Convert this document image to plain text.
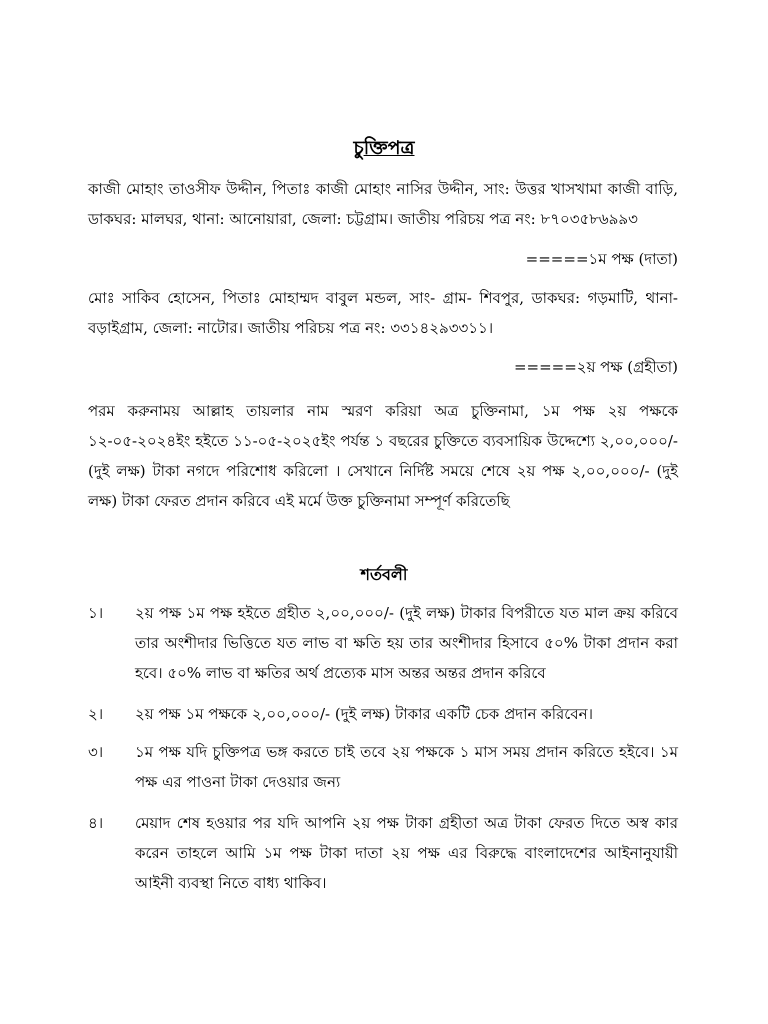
চুক্তিপত্র

কাজী মোহাং তাওসীফ উদ্দীন, পিতাঃ কাজী মোহাং নাসির উদ্দীন, সাং: উত্তর খাসখামা কাজী বাড়ি, ডাকঘর: মালঘর, থানা: আনোয়ারা, জেলা: চট্টগ্রাম। জাতীয় পরিচয় পত্র নং: ৮৭০৩৫৮৬৯৯৩

=====১ম পক্ষ (দাতা)

মোঃ সাকিব হোসেন, পিতাঃ মোহাম্মদ বাবুল মন্ডল, সাং- গ্রাম- শিবপুর, ডাকঘর: গড়মাটি, থানা- বড়াইগ্রাম, জেলা: নাটোর। জাতীয় পরিচয় পত্র নং: ৩৩১৪২৯৩৩১১।

=====২য় পক্ষ (গ্রহীতা)

পরম করুনাময় আল্লাহ তায়লার নাম স্মরণ করিয়া অত্র চুক্তিনামা, ১ম পক্ষ ২য় পক্ষকে ১২-০৫-২০২৪ইং হইতে ১১-০৫-২০২৫ইং পর্যন্ত ১ বছরের চুক্তিতে ব্যবসায়িক উদ্দেশ্যে ২,০০,০০০/- (দুই লক্ষ) টাকা নগদে পরিশোধ করিলো । সেখানে নির্দিষ্ট সময়ে শেষে ২য় পক্ষ ২,০০,০০০/- (দুই লক্ষ) টাকা ফেরত প্রদান করিবে এই মর্মে উক্ত চুক্তিনামা সম্পূর্ণ করিতেছি

শর্তবলী
১।	২য় পক্ষ ১ম পক্ষ হইতে গ্রহীত ২,০০,০০০/- (দুই লক্ষ) টাকার বিপরীতে যত মাল ক্রয় করিবে তার অংশীদার ভিত্তিতে যত লাভ বা ক্ষতি হয় তার অংশীদার হিসাবে ৫০% টাকা প্রদান করা হবে। ৫০% লাভ বা ক্ষতির অর্থ প্রত্যেক মাস অন্তর অন্তর প্রদান করিবে

২।	২য় পক্ষ ১ম পক্ষকে ২,০০,০০০/- (দুই লক্ষ) টাকার একটি চেক প্রদান করিবেন।

৩।	১ম পক্ষ যদি চুক্তিপত্র ভঙ্গ করতে চাই তবে ২য় পক্ষকে ১ মাস সময় প্রদান করিতে হইবে। ১ম পক্ষ এর পাওনা টাকা দেওয়ার জন্য

৪।	মেয়াদ শেষ হওয়ার পর যদি আপনি ২য় পক্ষ টাকা গ্রহীতা অত্র টাকা ফেরত দিতে অস্ব কার করেন তাহলে আমি ১ম পক্ষ টাকা দাতা ২য় পক্ষ এর বিরুদ্ধে বাংলাদেশের আইনানুযায়ী আইনী ব্যবস্থা নিতে বাধ্য থাকিব।
